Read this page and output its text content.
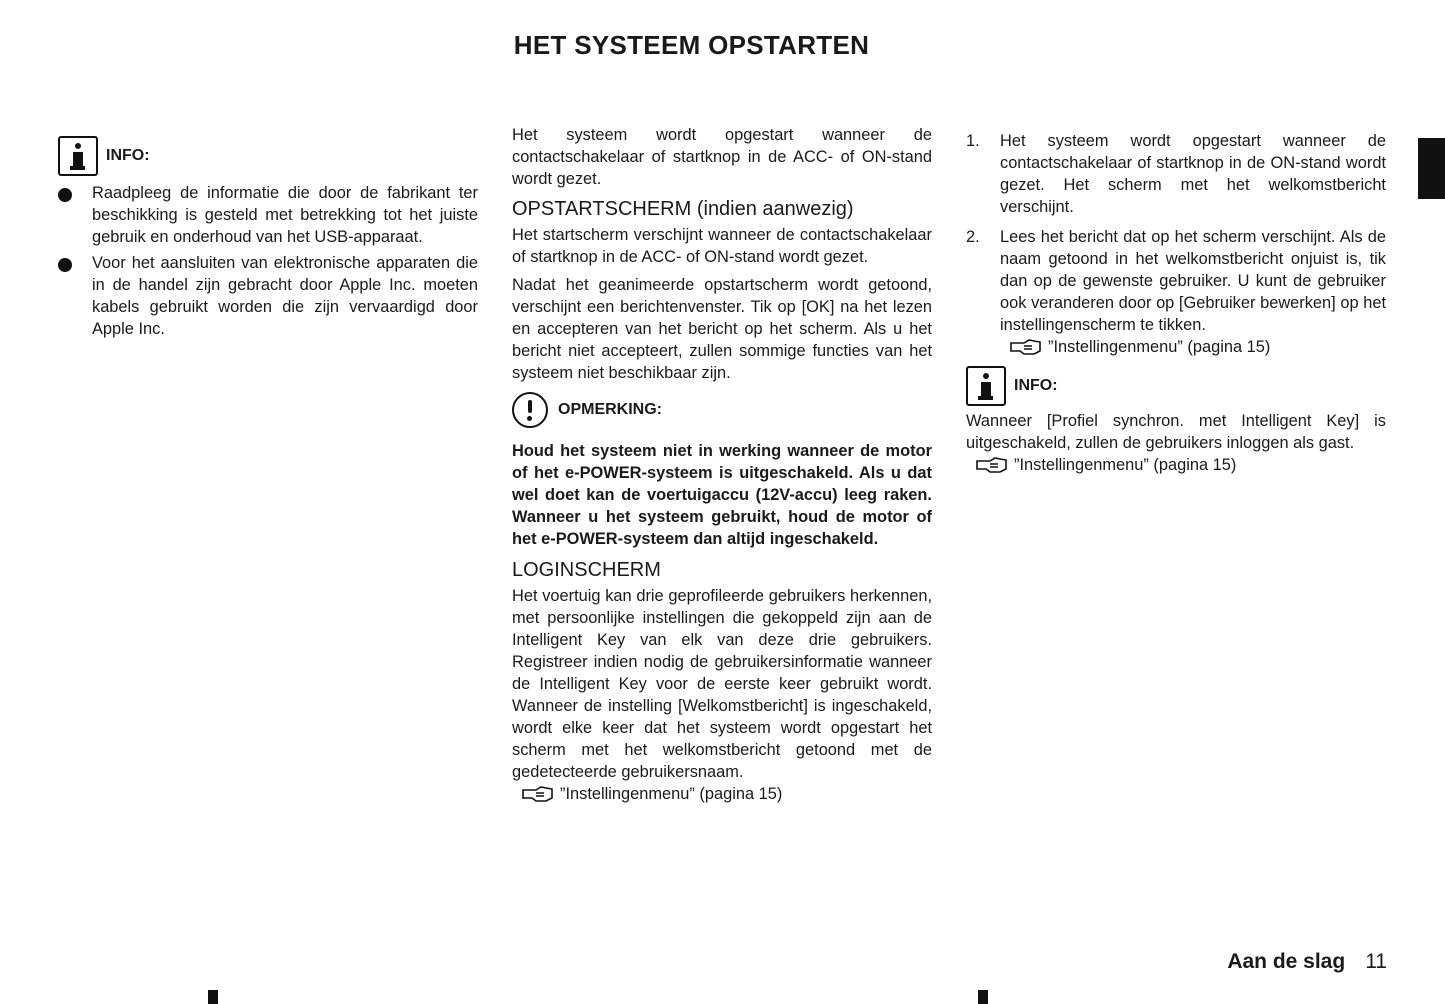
HET SYSTEEM OPSTARTEN
INFO:

Raadpleeg de informatie die door de fabrikant ter beschikking is gesteld met betrekking tot het juiste gebruik en onderhoud van het USB-apparaat.

Voor het aansluiten van elektronische apparaten die in de handel zijn gebracht door Apple Inc. moeten kabels gebruikt worden die zijn vervaardigd door Apple Inc.

Het systeem wordt opgestart wanneer de contactschakelaar of startknop in de ACC- of ON-stand wordt gezet.

OPSTARTSCHERM (indien aanwezig)

Het startscherm verschijnt wanneer de contactschakelaar of startknop in de ACC- of ON-stand wordt gezet.

Nadat het geanimeerde opstartscherm wordt getoond, verschijnt een berichtenvenster. Tik op [OK] na het lezen en accepteren van het bericht op het scherm. Als u het bericht niet accepteert, zullen sommige functies van het systeem niet beschikbaar zijn.

OPMERKING:

Houd het systeem niet in werking wanneer de motor of het e-POWER-systeem is uitgeschakeld. Als u dat wel doet kan de voertuigaccu (12V-accu) leeg raken. Wanneer u het systeem gebruikt, houd de motor of het e-POWER-systeem dan altijd ingeschakeld.

LOGINSCHERM

Het voertuig kan drie geprofileerde gebruikers herkennen, met persoonlijke instellingen die gekoppeld zijn aan de Intelligent Key van elk van deze drie gebruikers. Registreer indien nodig de gebruikersinformatie wanneer de Intelligent Key voor de eerste keer gebruikt wordt. Wanneer de instelling [Welkomstbericht] is ingeschakeld, wordt elke keer dat het systeem wordt opgestart het scherm met het welkomstbericht getoond met de gedetecteerde gebruikersnaam.

”Instellingenmenu” (pagina 15)

1. Het systeem wordt opgestart wanneer de contactschakelaar of startknop in de ON-stand wordt gezet. Het scherm met het welkomstbericht verschijnt.

2. Lees het bericht dat op het scherm verschijnt. Als de naam getoond in het welkomstbericht onjuist is, tik dan op de gewenste gebruiker. U kunt de gebruiker ook veranderen door op [Gebruiker bewerken] op het instellingenscherm te tikken.

”Instellingenmenu” (pagina 15)
INFO:

Wanneer [Profiel synchron. met Intelligent Key] is uitgeschakeld, zullen de gebruikers inloggen als gast.

”Instellingenmenu” (pagina 15)
Aan de slag 11
